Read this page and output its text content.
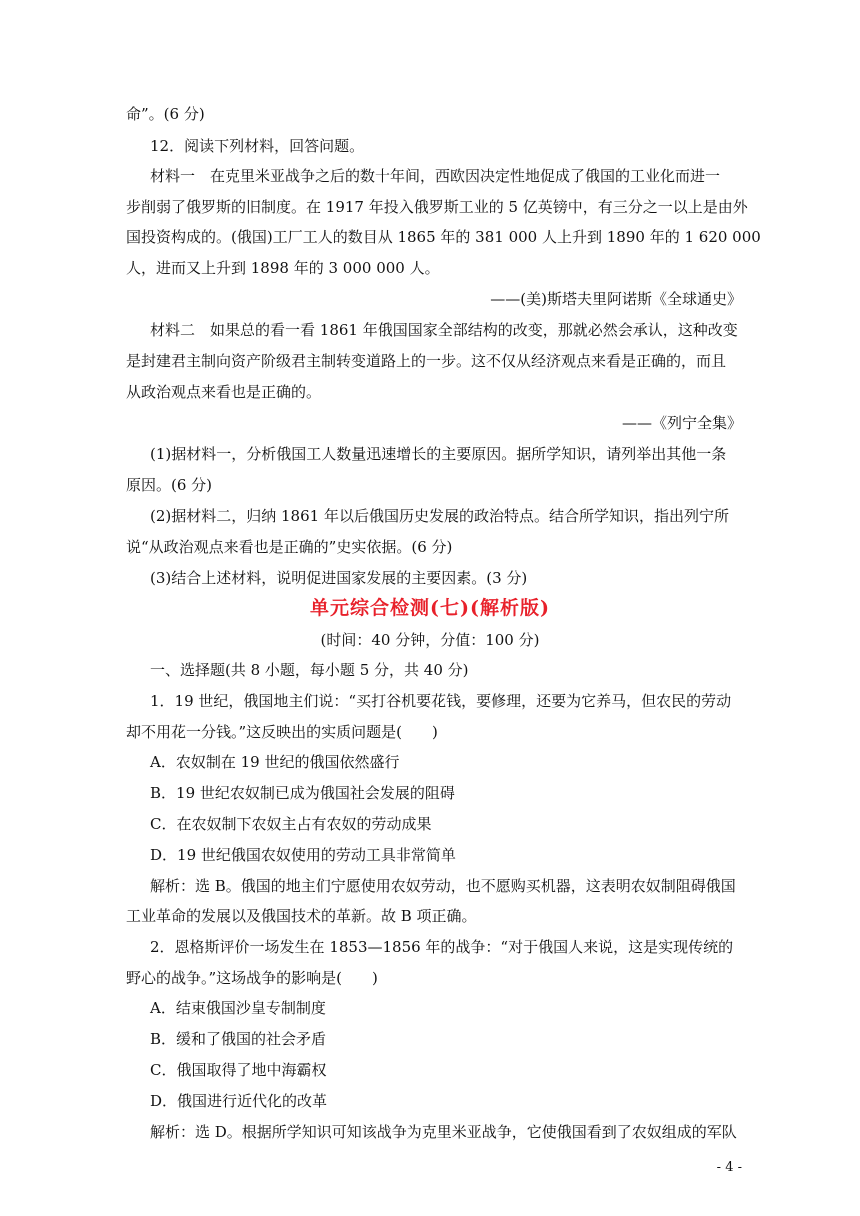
命”。(6 分)
12．阅读下列材料，回答问题。
材料一　在克里米亚战争之后的数十年间，西欧因决定性地促成了俄国的工业化而进一
步削弱了俄罗斯的旧制度。在 1917 年投入俄罗斯工业的 5 亿英镑中，有三分之一以上是由外
国投资构成的。(俄国)工厂工人的数目从 1865 年的 381 000 人上升到 1890 年的 1 620 000
人，进而又上升到 1898 年的 3 000 000 人。
——(美)斯塔夫里阿诺斯《全球通史》
材料二　如果总的看一看 1861 年俄国国家全部结构的改变，那就必然会承认，这种改变
是封建君主制向资产阶级君主制转变道路上的一步。这不仅从经济观点来看是正确的，而且
从政治观点来看也是正确的。
——《列宁全集》
(1)据材料一，分析俄国工人数量迅速增长的主要原因。据所学知识，请列举出其他一条
原因。(6 分)
(2)据材料二，归纳 1861 年以后俄国历史发展的政治特点。结合所学知识，指出列宁所
说“从政治观点来看也是正确的”史实依据。(6 分)
(3)结合上述材料，说明促进国家发展的主要因素。(3 分)
单元综合检测(七)(解析版)
(时间：40 分钟，分值：100 分)
一、选择题(共 8 小题，每小题 5 分，共 40 分)
1．19 世纪，俄国地主们说：“买打谷机要花钱，要修理，还要为它养马，但农民的劳动
却不用花一分钱。”这反映出的实质问题是(　　)
A．农奴制在 19 世纪的俄国依然盛行
B．19 世纪农奴制已成为俄国社会发展的阻碍
C．在农奴制下农奴主占有农奴的劳动成果
D．19 世纪俄国农奴使用的劳动工具非常简单
解析：选 B。俄国的地主们宁愿使用农奴劳动，也不愿购买机器，这表明农奴制阻碍俄国
工业革命的发展以及俄国技术的革新。故 B 项正确。
2．恩格斯评价一场发生在 1853—1856 年的战争：“对于俄国人来说，这是实现传统的
野心的战争。”这场战争的影响是(　　)
A．结束俄国沙皇专制制度
B．缓和了俄国的社会矛盾
C．俄国取得了地中海霸权
D．俄国进行近代化的改革
解析：选 D。根据所学知识可知该战争为克里米亚战争，它使俄国看到了农奴组成的军队
- 4 -
